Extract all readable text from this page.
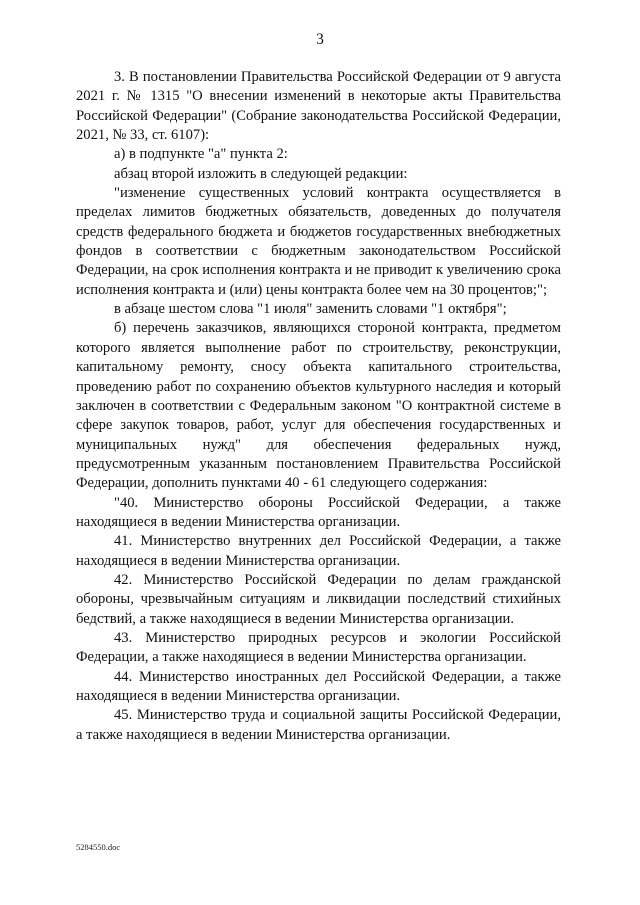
3

3. В постановлении Правительства Российской Федерации от 9 августа 2021 г. № 1315 "О внесении изменений в некоторые акты Правительства Российской Федерации" (Собрание законодательства Российской Федерации, 2021, № 33, ст. 6107):

а) в подпункте "а" пункта 2:

абзац второй изложить в следующей редакции:

"изменение существенных условий контракта осуществляется в пределах лимитов бюджетных обязательств, доведенных до получателя средств федерального бюджета и бюджетов государственных внебюджетных фондов в соответствии с бюджетным законодательством Российской Федерации, на срок исполнения контракта и не приводит к увеличению срока исполнения контракта и (или) цены контракта более чем на 30 процентов;";

в абзаце шестом слова "1 июля" заменить словами "1 октября";

б) перечень заказчиков, являющихся стороной контракта, предметом которого является выполнение работ по строительству, реконструкции, капитальному ремонту, сносу объекта капитального строительства, проведению работ по сохранению объектов культурного наследия и который заключен в соответствии с Федеральным законом "О контрактной системе в сфере закупок товаров, работ, услуг для обеспечения государственных и муниципальных нужд" для обеспечения федеральных нужд, предусмотренным указанным постановлением Правительства Российской Федерации, дополнить пунктами 40 - 61 следующего содержания:

"40. Министерство обороны Российской Федерации, а также находящиеся в ведении Министерства организации.

41. Министерство внутренних дел Российской Федерации, а также находящиеся в ведении Министерства организации.

42. Министерство Российской Федерации по делам гражданской обороны, чрезвычайным ситуациям и ликвидации последствий стихийных бедствий, а также находящиеся в ведении Министерства организации.

43. Министерство природных ресурсов и экологии Российской Федерации, а также находящиеся в ведении Министерства организации.

44. Министерство иностранных дел Российской Федерации, а также находящиеся в ведении Министерства организации.

45. Министерство труда и социальной защиты Российской Федерации, а также находящиеся в ведении Министерства организации.

5284550.doc
